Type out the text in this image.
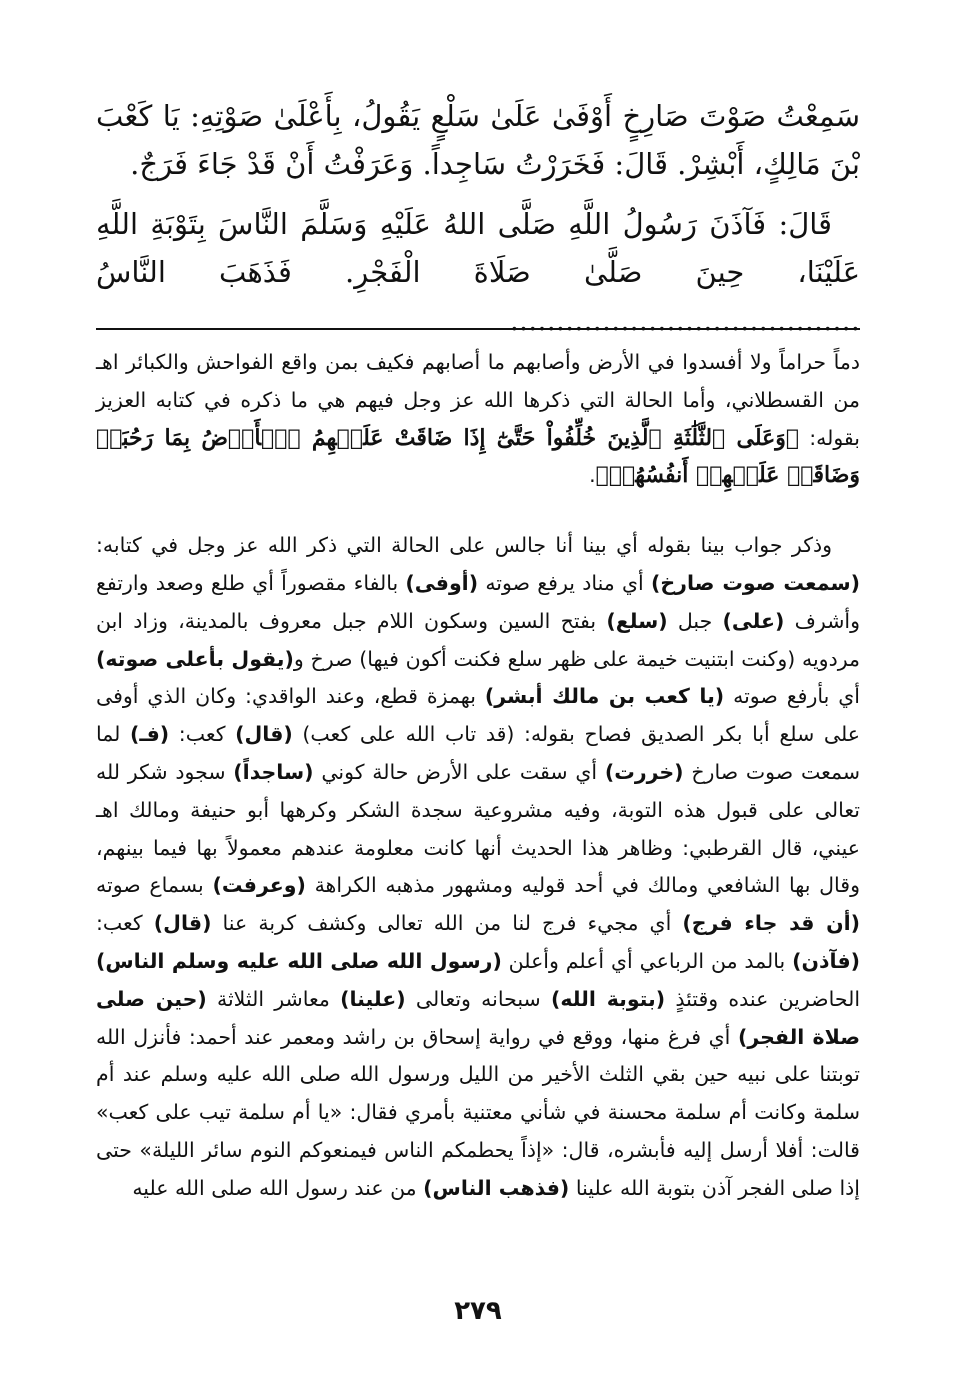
سَمِعْتُ صَوْتَ صَارِخٍ أَوْفَىٰ عَلَىٰ سَلْعٍ يَقُولُ، بِأَعْلَىٰ صَوْتِهِ: يَا كَعْبَ بْنَ مَالِكٍ، أَبْشِرْ. قَالَ: فَخَرَرْتُ سَاجِداً. وَعَرَفْتُ أَنْ قَدْ جَاءَ فَرَجٌ.

قَالَ: فَآذَنَ رَسُولُ اللَّهِ صَلَّى اللهُ عَلَيْهِ وَسَلَّمَ النَّاسَ بِتَوْبَةِ اللَّهِ عَلَيْنَا، حِينَ صَلَّىٰ صَلَاةَ الْفَجْرِ. فَذَهَبَ النَّاسُ ......................................

دماً حراماً ولا أفسدوا في الأرض وأصابهم ما أصابهم فكيف بمن واقع الفواحش والكبائر اهـ من القسطلاني، وأما الحالة التي ذكرها الله عز وجل فيهم هي ما ذكره في كتابه العزيز بقوله: ﴿وَعَلَى ٱلثَّلَٰثَةِ ٱلَّذِينَ خُلِّفُواْ حَتَّىٰٓ إِذَا ضَاقَتْ عَلَيۡهِمُ ٱلۡأَرۡضُ بِمَا رَحُبَتۡ وَضَاقَتۡ عَلَيۡهِمۡ أَنفُسُهُمۡ﴾.

وذكر جواب بينا بقوله أي بينا أنا جالس على الحالة التي ذكر الله عز وجل في كتابه: (سمعت صوت صارخ) أي مناد يرفع صوته (أوفى) بالفاء مقصوراً أي طلع وصعد وارتفع وأشرف (على) جبل (سلع) بفتح السين وسكون اللام جبل معروف بالمدينة، وزاد ابن مردويه (وكنت ابتنيت خيمة على ظهر سلع فكنت أكون فيها) صرخ و(يقول بأعلى صوته) أي بأرفع صوته (يا كعب بن مالك أبشر) بهمزة قطع، وعند الواقدي: وكان الذي أوفى على سلع أبا بكر الصديق فصاح بقوله: (قد تاب الله على كعب) (قال) كعب: (فـ) لما سمعت صوت صارخ (خررت) أي سقت على الأرض حالة كوني (ساجداً) سجود شكر لله تعالى على قبول هذه التوبة، وفيه مشروعية سجدة الشكر وكرهها أبو حنيفة ومالك اهـ عيني، قال القرطبي: وظاهر هذا الحديث أنها كانت معلومة عندهم معمولاً بها فيما بينهم، وقال بها الشافعي ومالك في أحد قوليه ومشهور مذهبه الكراهة (وعرفت) بسماع صوته (أن قد جاء فرج) أي مجيء فرج لنا من الله تعالى وكشف كربة عنا (قال) كعب: (فآذن) بالمد من الرباعي أي أعلم وأعلن (رسول الله صلى الله عليه وسلم الناس) الحاضرين عنده وقتئذٍ (بتوبة الله) سبحانه وتعالى (علينا) معاشر الثلاثة (حين صلى صلاة الفجر) أي فرغ منها، ووقع في رواية إسحاق بن راشد ومعمر عند أحمد: فأنزل الله توبتنا على نبيه حين بقي الثلث الأخير من الليل ورسول الله صلى الله عليه وسلم عند أم سلمة وكانت أم سلمة محسنة في شأني معتنية بأمري فقال: «يا أم سلمة تيب على كعب» قالت: أفلا أرسل إليه فأبشره، قال: «إذاً يحطمكم الناس فيمنعوكم النوم سائر الليلة» حتى إذا صلى الفجر آذن بتوبة الله علينا (فذهب الناس) من عند رسول الله صلى الله عليه

٢٧٩
